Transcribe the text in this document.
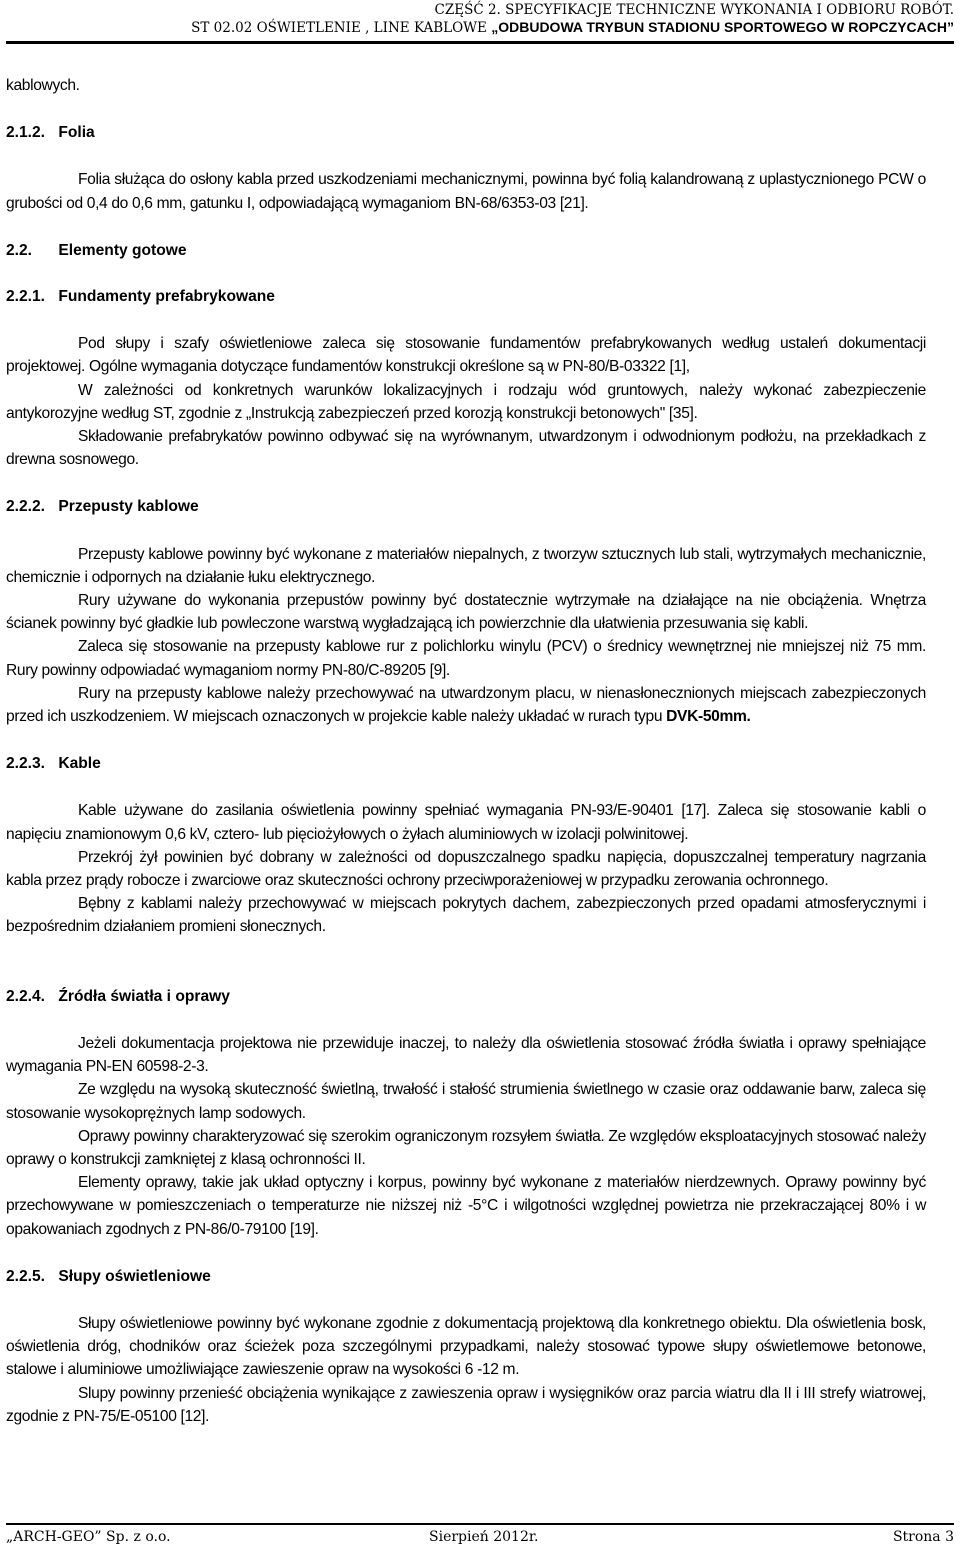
CZĘŚĆ 2. SPECYFIKACJE TECHNICZNE WYKONANIA I ODBIORU ROBÓT.
ST 02.02 OŚWIETLENIE , LINE KABLOWE „ODBUDOWA TRYBUN STADIONU SPORTOWEGO W ROPCZYCACH”

kablowych.

2.1.2. Folia

Folia służąca do osłony kabla przed uszkodzeniami mechanicznymi, powinna być folią kalandrowaną z uplastycznionego PCW o grubości od 0,4 do 0,6 mm, gatunku I, odpowiadającą wymaganiom BN-68/6353-03 [21].

2.2. Elementy gotowe
2.2.1. Fundamenty prefabrykowane

Pod słupy i szafy oświetleniowe zaleca się stosowanie fundamentów prefabrykowanych według ustaleń dokumentacji projektowej. Ogólne wymagania dotyczące fundamentów konstrukcji określone są w PN-80/B-03322 [1],

W zależności od konkretnych warunków lokalizacyjnych i rodzaju wód gruntowych, należy wykonać zabezpieczenie antykorozyjne według ST, zgodnie z „Instrukcją zabezpieczeń przed korozją konstrukcji betonowych" [35].

Składowanie prefabrykatów powinno odbywać się na wyrównanym, utwardzonym i odwodnionym podłożu, na przekładkach z drewna sosnowego.

2.2.2. Przepusty kablowe

Przepusty kablowe powinny być wykonane z materiałów niepalnych, z tworzyw sztucznych lub stali, wytrzymałych mechanicznie, chemicznie i odpornych na działanie łuku elektrycznego.

Rury używane do wykonania przepustów powinny być dostatecznie wytrzymałe na działające na nie obciążenia. Wnętrza ścianek powinny być gładkie lub powleczone warstwą wygładzającą ich powierzchnie dla ułatwienia przesuwania się kabli.

Zaleca się stosowanie na przepusty kablowe rur z polichlorku winylu (PCV) o średnicy wewnętrznej nie mniejszej niż 75 mm. Rury powinny odpowiadać wymaganiom normy PN-80/C-89205 [9].

Rury na przepusty kablowe należy przechowywać na utwardzonym placu, w nienasłonecznionych miejscach zabezpieczonych przed ich uszkodzeniem. W miejscach oznaczonych w projekcie kable należy układać w rurach typu DVK-50mm.

2.2.3. Kable

Kable używane do zasilania oświetlenia powinny spełniać wymagania PN-93/E-90401 [17]. Zaleca się stosowanie kabli o napięciu znamionowym 0,6 kV, cztero- lub pięciożyłowych o żyłach aluminiowych w izolacji polwinitowej.

Przekrój żył powinien być dobrany w zależności od dopuszczalnego spadku napięcia, dopuszczalnej temperatury nagrzania kabla przez prądy robocze i zwarciowe oraz skuteczności ochrony przeciwporażeniowej w przypadku zerowania ochronnego.

Bębny z kablami należy przechowywać w miejscach pokrytych dachem, zabezpieczonych przed opadami atmosferycznymi i bezpośrednim działaniem promieni słonecznych.

2.2.4. Źródła światła i oprawy

Jeżeli dokumentacja projektowa nie przewiduje inaczej, to należy dla oświetlenia stosować źródła światła i oprawy spełniające wymagania PN-EN 60598-2-3.

Ze względu na wysoką skuteczność świetlną, trwałość i stałość strumienia świetlnego w czasie oraz oddawanie barw, zaleca się stosowanie wysokoprężnych lamp sodowych.

Oprawy powinny charakteryzować się szerokim ograniczonym rozsyłem światła. Ze względów eksploatacyjnych stosować należy oprawy o konstrukcji zamkniętej z klasą ochronności II.

Elementy oprawy, takie jak układ optyczny i korpus, powinny być wykonane z materiałów nierdzewnych. Oprawy powinny być przechowywane w pomieszczeniach o temperaturze nie niższej niż -5°C i wilgotności względnej powietrza nie przekraczającej 80% i w opakowaniach zgodnych z PN-86/0-79100 [19].

2.2.5. Słupy oświetleniowe

Słupy oświetleniowe powinny być wykonane zgodnie z dokumentacją projektową dla konkretnego obiektu. Dla oświetlenia bosk, oświetlenia dróg, chodników oraz ścieżek poza szczególnymi przypadkami, należy stosować typowe słupy oświetlemowe betonowe, stalowe i aluminiowe umożliwiające zawieszenie opraw na wysokości 6 -12 m.

Slupy powinny przenieść obciążenia wynikające z zawieszenia opraw i wysięgników oraz parcia wiatru dla II i III strefy wiatrowej, zgodnie z PN-75/E-05100 [12].

„ARCH-GEO” Sp. z o.o.	Sierpień 2012r.	Strona 3
